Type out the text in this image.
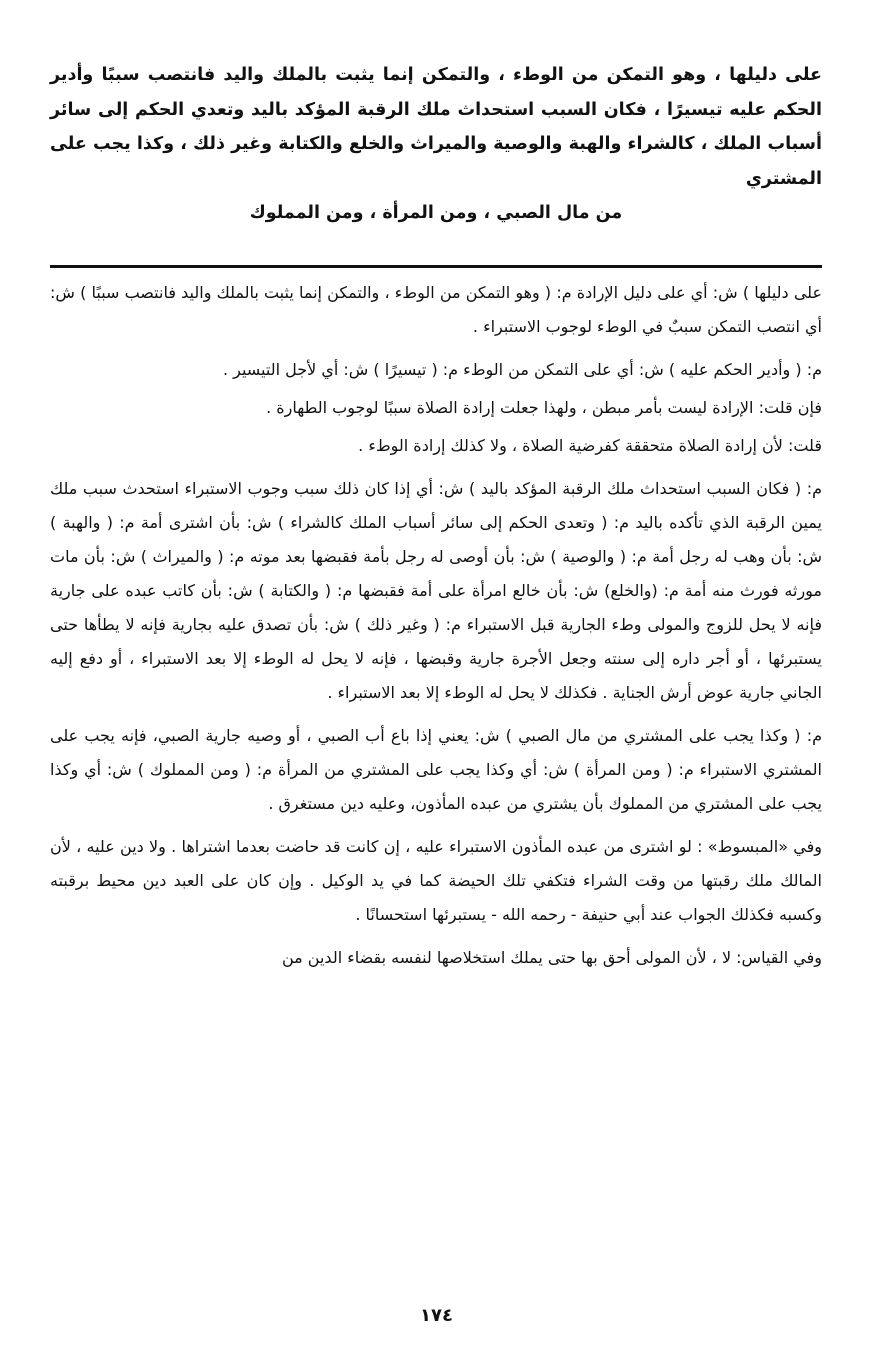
على دليلها ، وهو التمكن من الوطء ، والتمكن إنما يثبت بالملك واليد فانتصب سببًا وأدير الحكم عليه تيسيرًا ، فكان السبب استحداث ملك الرقبة المؤكد باليد وتعدي الحكم إلى سائر أسباب الملك ، كالشراء والهبة والوصية والميراث والخلع والكتابة وغير ذلك ، وكذا يجب على المشتري
من مال الصبي ، ومن المرأة ، ومن المملوك

على دليلها ) ش: أي على دليل الإرادة م: ( وهو التمكن من الوطء ، والتمكن إنما يثبت بالملك واليد فانتصب سببًا ) ش: أي انتصب التمكن سببٌ في الوطء لوجوب الاستبراء .

م: ( وأدير الحكم عليه ) ش: أي على التمكن من الوطء م: ( تيسيرًا ) ش: أي لأجل التيسير .

فإن قلت: الإرادة ليست بأمر مبطن ، ولهذا جعلت إرادة الصلاة سببًا لوجوب الطهارة .

قلت: لأن إرادة الصلاة متحققة كفرضية الصلاة ، ولا كذلك إرادة الوطء .

م: ( فكان السبب استحداث ملك الرقبة المؤكد باليد ) ش: أي إذا كان ذلك سبب وجوب الاستبراء استحدث سبب ملك يمين الرقبة الذي تأكده باليد م: ( وتعدى الحكم إلى سائر أسباب الملك كالشراء ) ش: بأن اشترى أمة م: ( والهبة ) ش: بأن وهب له رجل أمة م: ( والوصية ) ش: بأن أوصى له رجل بأمة فقبضها بعد موته م: ( والميراث ) ش: بأن مات مورثه فورث منه أمة م: (والخلع) ش: بأن خالع امرأة على أمة فقبضها م: ( والكتابة ) ش: بأن كاتب عبده على جارية فإنه لا يحل للزوج والمولى وطء الجارية قبل الاستبراء م: ( وغير ذلك ) ش: بأن تصدق عليه بجارية فإنه لا يطأها حتى يستبرئها ، أو أجر داره إلى سنته وجعل الأجرة جارية وقبضها ، فإنه لا يحل له الوطء إلا بعد الاستبراء ، أو دفع إليه الجاني جارية عوض أرش الجناية . فكذلك لا يحل له الوطء إلا بعد الاستبراء .

م: ( وكذا يجب على المشتري من مال الصبي ) ش: يعني إذا باع أب الصبي ، أو وصيه جارية الصبي، فإنه يجب على المشتري الاستبراء م: ( ومن المرأة ) ش: أي وكذا يجب على المشتري من المرأة م: ( ومن المملوك ) ش: أي وكذا يجب على المشتري من المملوك بأن يشتري من عبده المأذون، وعليه دين مستغرق .

وفي «المبسوط» : لو اشترى من عبده المأذون الاستبراء عليه ، إن كانت قد حاضت بعدما اشتراها . ولا دين عليه ، لأن المالك ملك رقبتها من وقت الشراء فتكفي تلك الحيضة كما في يد الوكيل . وإن كان على العبد دين محيط برقبته وكسبه فكذلك الجواب عند أبي حنيفة - رحمه الله - يستبرئها استحسانًا .

وفي القياس: لا ، لأن المولى أحق بها حتى يملك استخلاصها لنفسه بقضاء الدين من

١٧٤
